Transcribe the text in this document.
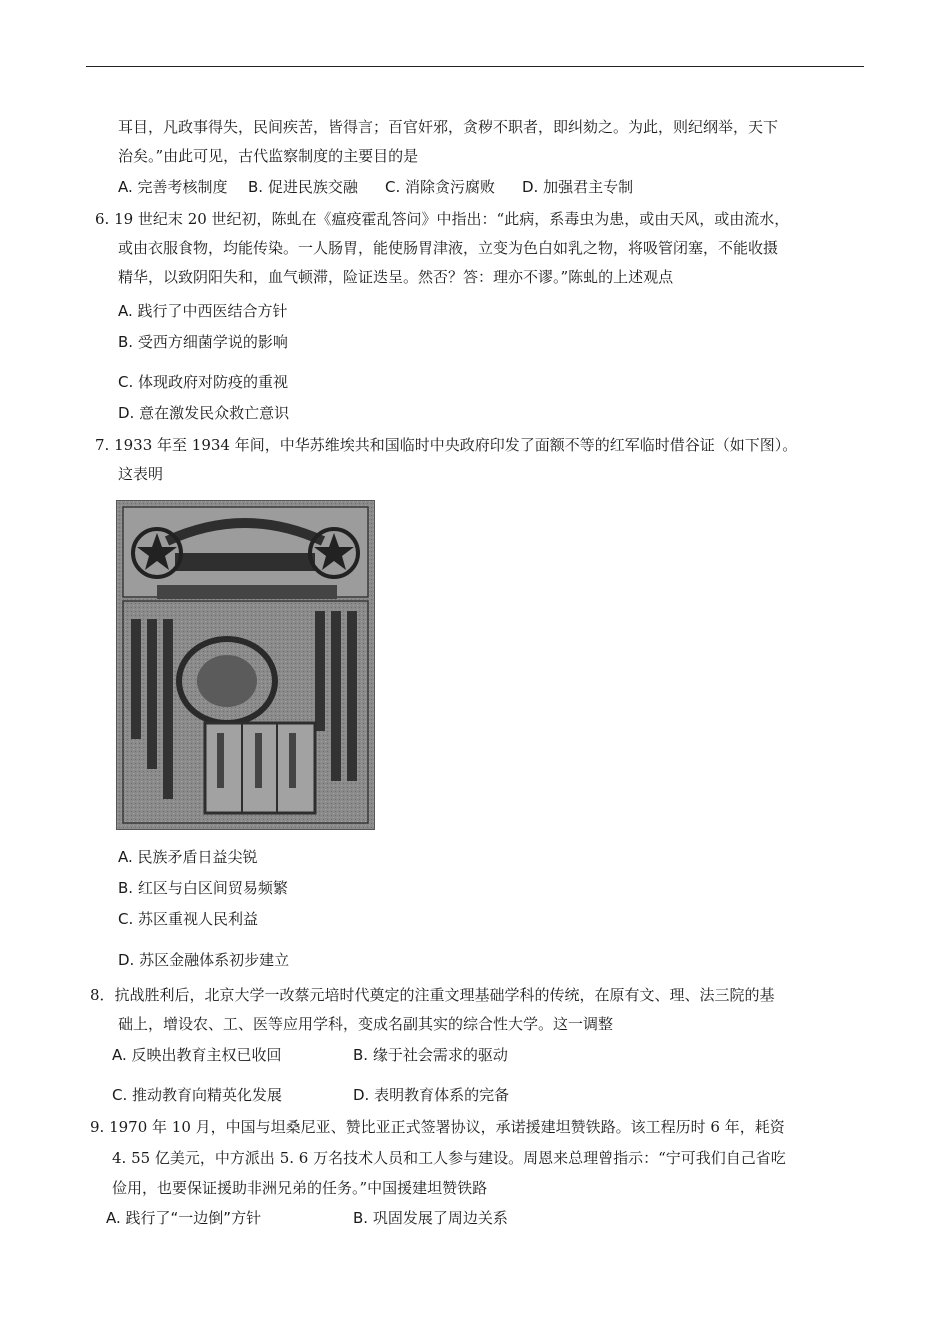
耳目，凡政事得失，民间疾苦，皆得言；百官奸邪，贪秽不职者，即纠劾之。为此，则纪纲举，天下
治矣。”由此可见，古代监察制度的主要目的是
A. 完善考核制度 B. 促进民族交融 C. 消除贪污腐败 D. 加强君主专制
6. 19 世纪末 20 世纪初，陈虬在《瘟疫霍乱答问》中指出：“此病，系毒虫为患，或由天风，或由流水，
或由衣服食物，均能传染。一人肠胃，能使肠胃津液，立变为色白如乳之物，将吸管闭塞，不能收摄
精华，以致阴阳失和，血气顿滞，险证迭呈。然否？答：理亦不谬。”陈虬的上述观点
A. 践行了中西医结合方针
B. 受西方细菌学说的影响
C. 体现政府对防疫的重视
D. 意在激发民众救亡意识
7. 1933 年至 1934 年间，中华苏维埃共和国临时中央政府印发了面额不等的红军临时借谷证（如下图）。
这表明
A. 民族矛盾日益尖锐
B. 红区与白区间贸易频繁
C. 苏区重视人民利益
D. 苏区金融体系初步建立
8．抗战胜利后，北京大学一改蔡元培时代奠定的注重文理基础学科的传统，在原有文、理、法三院的基
础上，增设农、工、医等应用学科，变成名副其实的综合性大学。这一调整
A. 反映出教育主权已收回	B. 缘于社会需求的驱动
C. 推动教育向精英化发展	D. 表明教育体系的完备
9. 1970 年 10 月，中国与坦桑尼亚、赞比亚正式签署协议，承诺援建坦赞铁路。该工程历时 6 年，耗资
4. 55 亿美元，中方派出 5. 6 万名技术人员和工人参与建设。周恩来总理曾指示：“宁可我们自己省吃
俭用，也要保证援助非洲兄弟的任务。”中国援建坦赞铁路
A. 践行了“一边倒”方针	B. 巩固发展了周边关系
